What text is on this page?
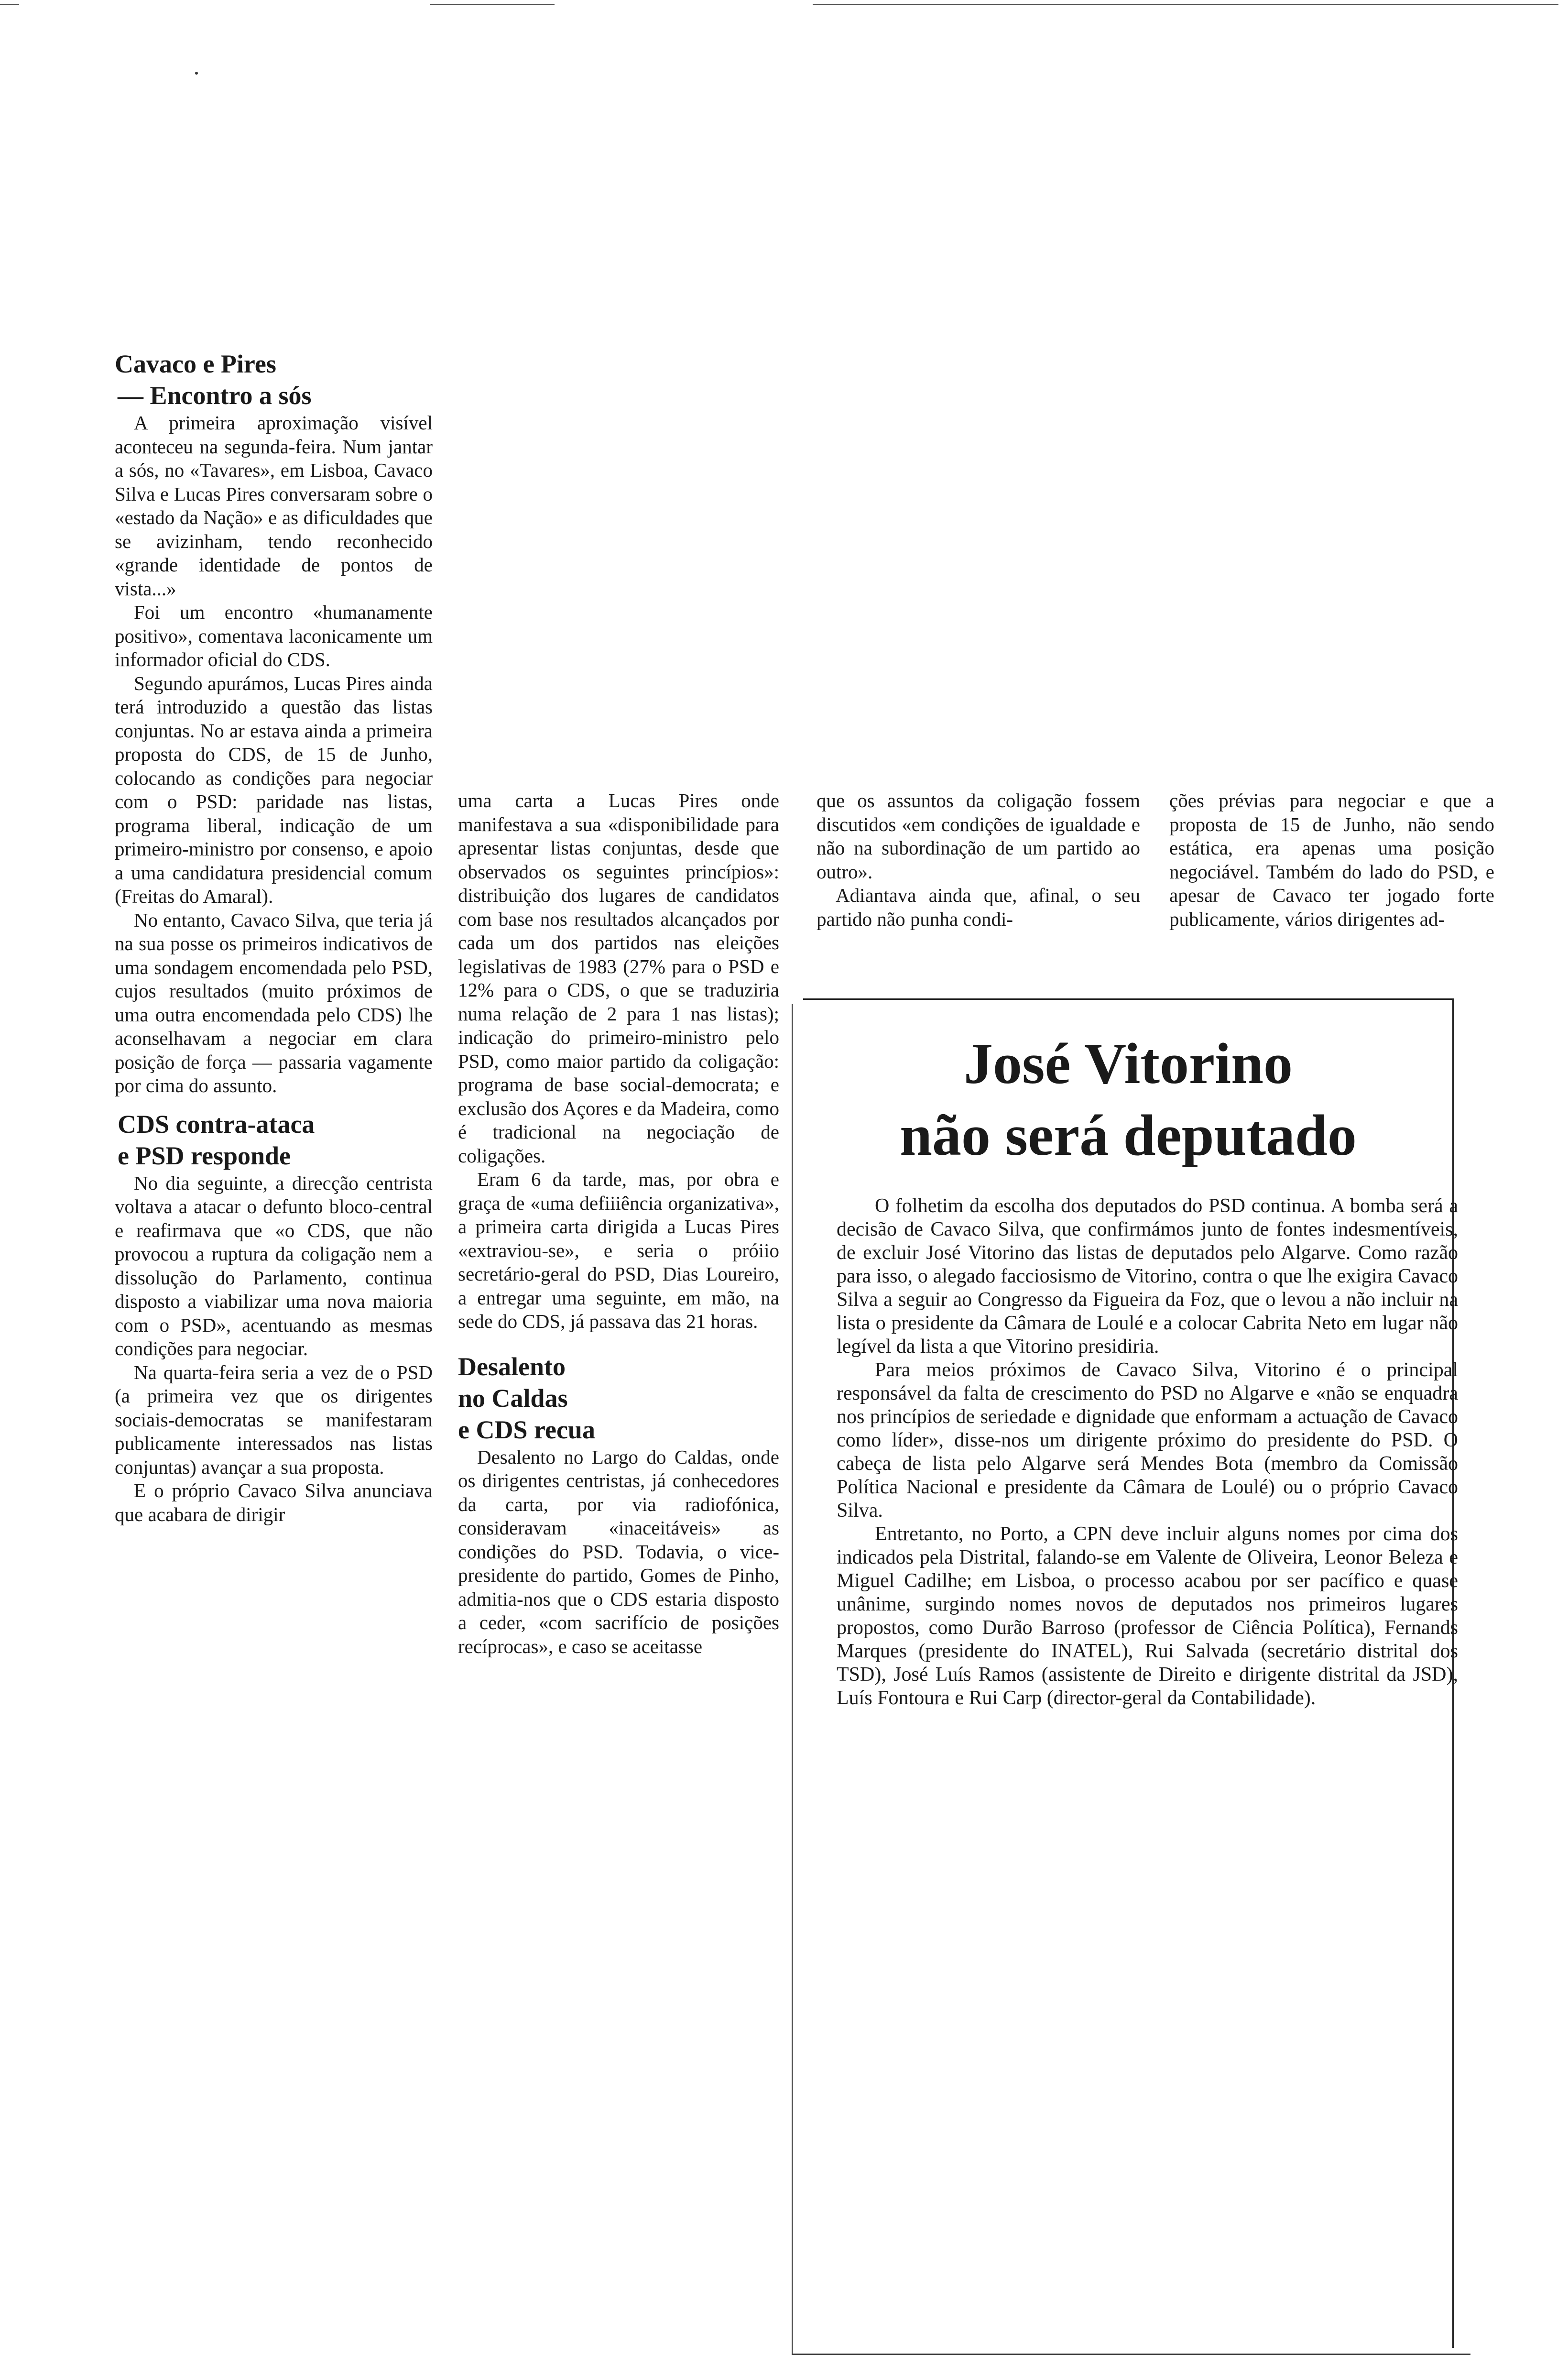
Cavaco e Pires
— Encontro a sós

A primeira aproximação visível aconteceu na segunda-feira. Num jantar a sós, no «Tavares», em Lisboa, Cavaco Silva e Lucas Pires conversaram sobre o «estado da Nação» e as dificuldades que se avizinham, tendo reconhecido «grande identidade de pontos de vista...»

Foi um encontro «humanamente positivo», comentava laconicamente um informador oficial do CDS.

Segundo apurámos, Lucas Pires ainda terá introduzido a questão das listas conjuntas. No ar estava ainda a primeira proposta do CDS, de 15 de Junho, colocando as condições para negociar com o PSD: paridade nas listas, programa liberal, indicação de um primeiro-ministro por consenso, e apoio a uma candidatura presidencial comum (Freitas do Amaral).

No entanto, Cavaco Silva, que teria já na sua posse os primeiros indicativos de uma sondagem encomendada pelo PSD, cujos resultados (muito próximos de uma outra encomendada pelo CDS) lhe aconselhavam a negociar em clara posição de força — passaria vagamente por cima do assunto.

CDS contra-ataca
e PSD responde

No dia seguinte, a direcção centrista voltava a atacar o defunto bloco-central e reafirmava que «o CDS, que não provocou a ruptura da coligação nem a dissolução do Parlamento, continua disposto a viabilizar uma nova maioria com o PSD», acentuando as mesmas condições para negociar.

Na quarta-feira seria a vez de o PSD (a primeira vez que os dirigentes sociais-democratas se manifestaram publicamente interessados nas listas conjuntas) avançar a sua proposta.

E o próprio Cavaco Silva anunciava que acabara de dirigir

uma carta a Lucas Pires onde manifestava a sua «disponibilidade para apresentar listas conjuntas, desde que observados os seguintes princípios»: distribuição dos lugares de candidatos com base nos resultados alcançados por cada um dos partidos nas eleições legislativas de 1983 (27% para o PSD e 12% para o CDS, o que se traduziria numa relação de 2 para 1 nas listas); indicação do primeiro-ministro pelo PSD, como maior partido da coligação: programa de base social-democrata; e exclusão dos Açores e da Madeira, como é tradicional na negociação de coligações.

Eram 6 da tarde, mas, por obra e graça de «uma defiiiência organizativa», a primeira carta dirigida a Lucas Pires «extraviou-se», e seria o próiio secretário-geral do PSD, Dias Loureiro, a entregar uma seguinte, em mão, na sede do CDS, já passava das 21 horas.

Desalento
no Caldas
e CDS recua

Desalento no Largo do Caldas, onde os dirigentes centristas, já conhecedores da carta, por via radiofónica, consideravam «inaceitáveis» as condições do PSD. Todavia, o vice-presidente do partido, Gomes de Pinho, admitia-nos que o CDS estaria disposto a ceder, «com sacrifício de posições recíprocas», e caso se aceitasse

que os assuntos da coligação fossem discutidos «em condições de igualdade e não na subordinação de um partido ao outro».

Adiantava ainda que, afinal, o seu partido não punha condi-

ções prévias para negociar e que a proposta de 15 de Junho, não sendo estática, era apenas uma posição negociável. Também do lado do PSD, e apesar de Cavaco ter jogado forte publicamente, vários dirigentes ad-

José Vitorino
não será deputado

O folhetim da escolha dos deputados do PSD continua. A bomba será a decisão de Cavaco Silva, que confirmámos junto de fontes indesmentíveis, de excluir José Vitorino das listas de deputados pelo Algarve. Como razão para isso, o alegado facciosismo de Vitorino, contra o que lhe exigira Cavaco Silva a seguir ao Congresso da Figueira da Foz, que o levou a não incluir na lista o presidente da Câmara de Loulé e a colocar Cabrita Neto em lugar não legível da lista a que Vitorino presidiria.

Para meios próximos de Cavaco Silva, Vitorino é o principal responsável da falta de crescimento do PSD no Algarve e «não se enquadra nos princípios de seriedade e dignidade que enformam a actuação de Cavaco como líder», disse-nos um dirigente próximo do presidente do PSD. O cabeça de lista pelo Algarve será Mendes Bota (membro da Comissão Política Nacional e presidente da Câmara de Loulé) ou o próprio Cavaco Silva.

Entretanto, no Porto, a CPN deve incluir alguns nomes por cima dos indicados pela Distrital, falando-se em Valente de Oliveira, Leonor Beleza e Miguel Cadilhe; em Lisboa, o processo acabou por ser pacífico e quase unânime, surgindo nomes novos de deputados nos primeiros lugares propostos, como Durão Barroso (professor de Ciência Política), Fernands Marques (presidente do INATEL), Rui Salvada (secretário distrital dos TSD), José Luís Ramos (assistente de Direito e dirigente distrital da JSD), Luís Fontoura e Rui Carp (director-geral da Contabilidade).
